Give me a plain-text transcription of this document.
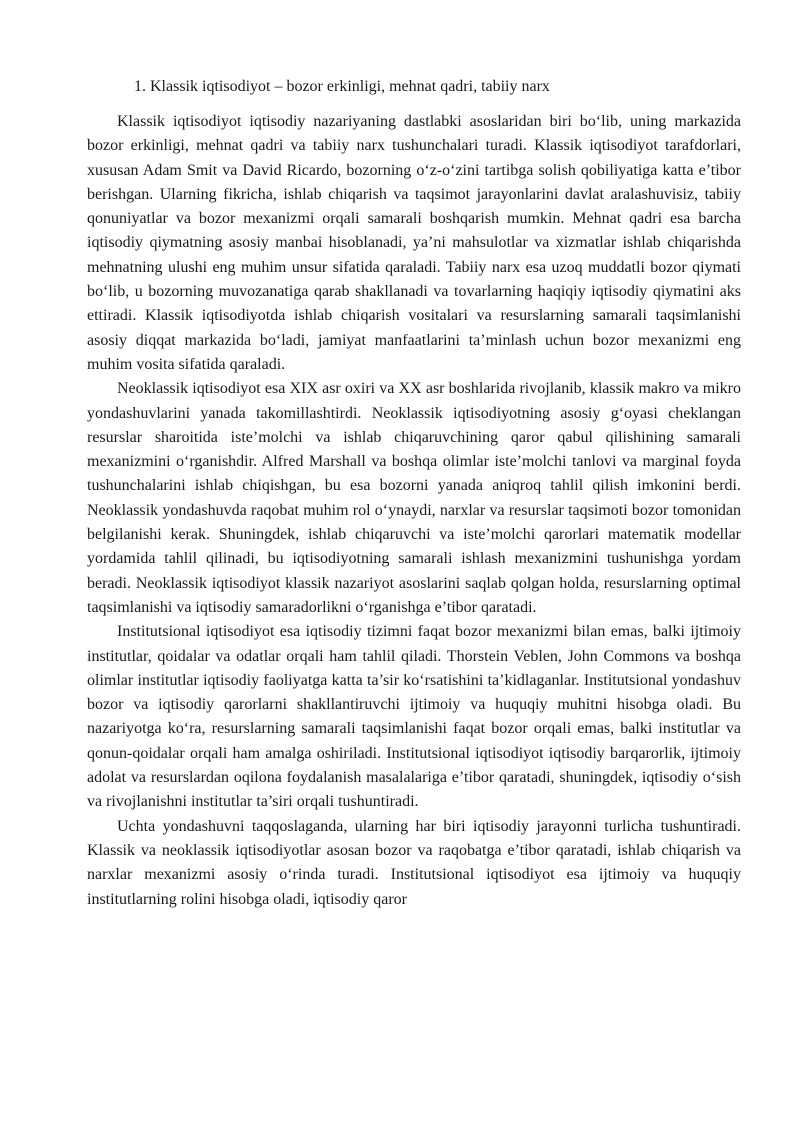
1. Klassik iqtisodiyot – bozor erkinligi, mehnat qadri, tabiiy narx

Klassik iqtisodiyot iqtisodiy nazariyaning dastlabki asoslaridan biri bo‘lib, uning markazida bozor erkinligi, mehnat qadri va tabiiy narx tushunchalari turadi. Klassik iqtisodiyot tarafdorlari, xususan Adam Smit va David Ricardo, bozorning o‘z-o‘zini tartibga solish qobiliyatiga katta e’tibor berishgan. Ularning fikricha, ishlab chiqarish va taqsimot jarayonlarini davlat aralashuvisiz, tabiiy qonuniyatlar va bozor mexanizmi orqali samarali boshqarish mumkin. Mehnat qadri esa barcha iqtisodiy qiymatning asosiy manbai hisoblanadi, ya’ni mahsulotlar va xizmatlar ishlab chiqarishda mehnatning ulushi eng muhim unsur sifatida qaraladi. Tabiiy narx esa uzoq muddatli bozor qiymati bo‘lib, u bozorning muvozanatiga qarab shakllanadi va tovarlarning haqiqiy iqtisodiy qiymatini aks ettiradi. Klassik iqtisodiyotda ishlab chiqarish vositalari va resurslarning samarali taqsimlanishi asosiy diqqat markazida bo‘ladi, jamiyat manfaatlarini ta’minlash uchun bozor mexanizmi eng muhim vosita sifatida qaraladi.

Neoklassik iqtisodiyot esa XIX asr oxiri va XX asr boshlarida rivojlanib, klassik makro va mikro yondashuvlarini yanada takomillashtirdi. Neoklassik iqtisodiyotning asosiy g‘oyasi cheklangan resurslar sharoitida iste’molchi va ishlab chiqaruvchining qaror qabul qilishining samarali mexanizmini o‘rganishdir. Alfred Marshall va boshqa olimlar iste’molchi tanlovi va marginal foyda tushunchalarini ishlab chiqishgan, bu esa bozorni yanada aniqroq tahlil qilish imkonini berdi. Neoklassik yondashuvda raqobat muhim rol o‘ynaydi, narxlar va resurslar taqsimoti bozor tomonidan belgilanishi kerak. Shuningdek, ishlab chiqaruvchi va iste’molchi qarorlari matematik modellar yordamida tahlil qilinadi, bu iqtisodiyotning samarali ishlash mexanizmini tushunishga yordam beradi. Neoklassik iqtisodiyot klassik nazariyot asoslarini saqlab qolgan holda, resurslarning optimal taqsimlanishi va iqtisodiy samaradorlikni o‘rganishga e’tibor qaratadi.

Institutsional iqtisodiyot esa iqtisodiy tizimni faqat bozor mexanizmi bilan emas, balki ijtimoiy institutlar, qoidalar va odatlar orqali ham tahlil qiladi. Thorstein Veblen, John Commons va boshqa olimlar institutlar iqtisodiy faoliyatga katta ta’sir ko‘rsatishini ta’kidlaganlar. Institutsional yondashuv bozor va iqtisodiy qarorlarni shakllantiruvchi ijtimoiy va huquqiy muhitni hisobga oladi. Bu nazariyotga ko‘ra, resurslarning samarali taqsimlanishi faqat bozor orqali emas, balki institutlar va qonun-qoidalar orqali ham amalga oshiriladi. Institutsional iqtisodiyot iqtisodiy barqarorlik, ijtimoiy adolat va resurslardan oqilona foydalanish masalalariga e’tibor qaratadi, shuningdek, iqtisodiy o‘sish va rivojlanishni institutlar ta’siri orqali tushuntiradi.

Uchta yondashuvni taqqoslaganda, ularning har biri iqtisodiy jarayonni turlicha tushuntiradi. Klassik va neoklassik iqtisodiyotlar asosan bozor va raqobatga e’tibor qaratadi, ishlab chiqarish va narxlar mexanizmi asosiy o‘rinda turadi. Institutsional iqtisodiyot esa ijtimoiy va huquqiy institutlarning rolini hisobga oladi, iqtisodiy qaror
